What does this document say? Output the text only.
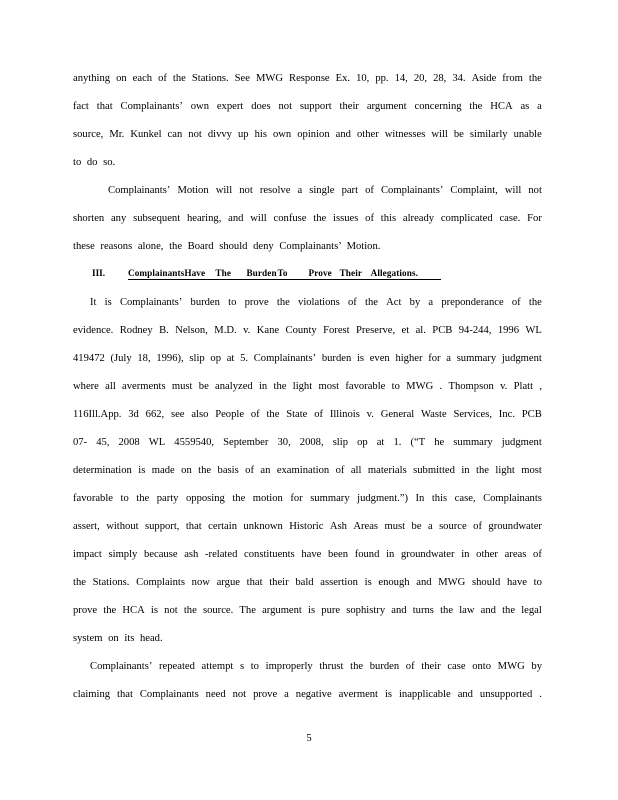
anything on each of the Stations. See MWG Response Ex. 10, pp. 14, 20, 28, 34. Aside from the
fact that Complainants’ own expert does not support their argument concerning the HCA as a
source, Mr. Kunkel can not divvy up his own opinion and other witnesses will be similarly unable
to do so.
Complainants’ Motion will not resolve a single part of Complainants’ Complaint, will not
shorten any subsequent hearing, and will confuse the issues of this already complicated case. For
these reasons alone, the Board should deny Complainants’ Motion.
III.	Complainants Have	The	Burden To	Prove Their Allegations.
It is Complainants’ burden to prove the violations of the Act by a preponderance of the
evidence. Rodney B. Nelson, M.D. v. Kane County Forest Preserve, et al. PCB 94-244, 1996 WL
419472 (July 18, 1996), slip op at 5. Complainants’ burden is even higher for a summary judgment
where all averments must be analyzed in the light most favorable to MWG . Thompson v. Platt ,
116Ill.App. 3d 662, see also People of the State of Illinois v. General Waste Services, Inc. PCB
07- 45, 2008 WL 4559540, September 30, 2008, slip op at 1. (“T he summary judgment
determination is made on the basis of an examination of all materials submitted in the light most
favorable to the party opposing the motion for summary judgment.”) In this case, Complainants
assert, without support, that certain unknown Historic Ash Areas must be a source of groundwater
impact simply because ash -related constituents have been found in groundwater in other areas of
the Stations. Complaints now argue that their bald assertion is enough and MWG should have to
prove the HCA is not the source. The argument is pure sophistry and turns the law and the legal
system on its head.
Complainants’ repeated attempt s to improperly thrust the burden of their case onto MWG by
claiming that Complainants need not prove a negative averment is inapplicable and unsupported .
5
